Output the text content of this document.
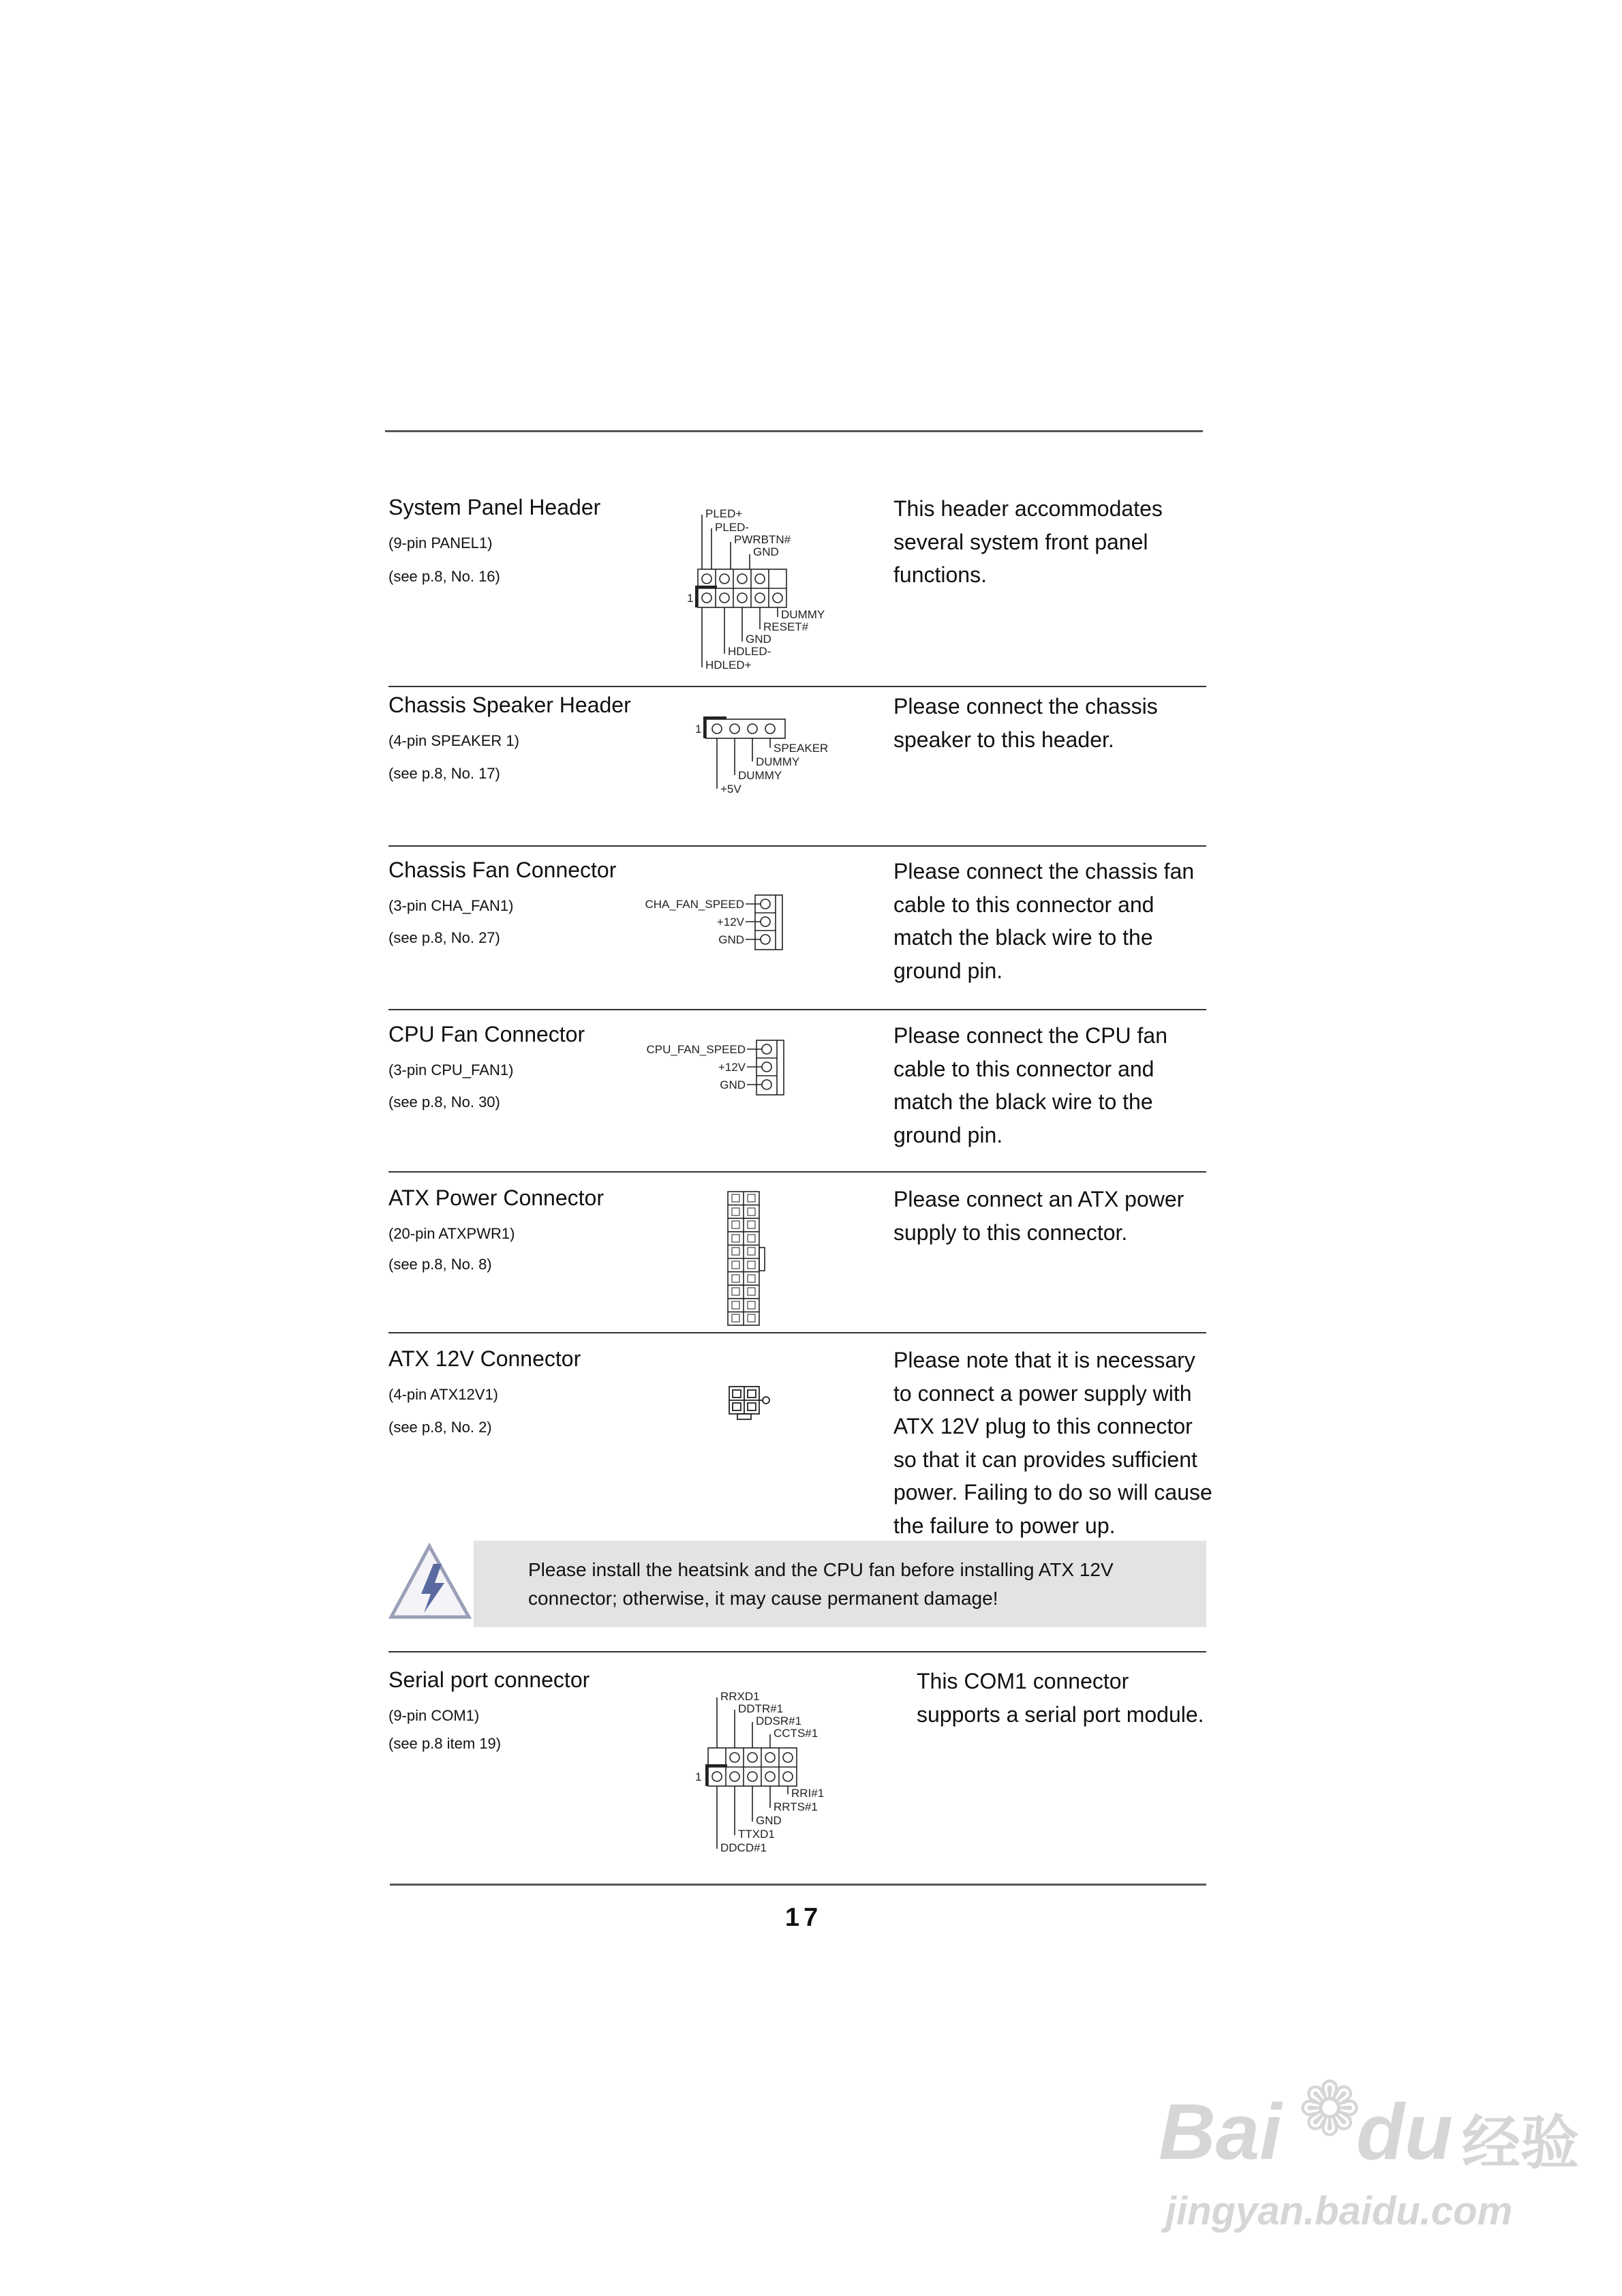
System Panel Header
(9-pin PANEL1)
(see p.8, No. 16)
PLED+
PLED-
PWRBTN#
GND
DUMMY
RESET#
GND
HDLED-
HDLED+
1
This header accommodates
several system front panel
functions.
Chassis Speaker Header
(4-pin SPEAKER 1)
(see p.8, No. 17)
1
SPEAKER
DUMMY
DUMMY
+5V
Please connect the chassis
speaker to this header.
Chassis Fan Connector
(3-pin CHA_FAN1)
(see p.8, No. 27)
CHA_FAN_SPEED
+12V
GND
Please connect the chassis fan
cable to this connector and
match the black wire to the
ground pin.
CPU Fan Connector
(3-pin CPU_FAN1)
(see p.8, No. 30)
CPU_FAN_SPEED
+12V
GND
Please connect the CPU fan
cable to this connector and
match the black wire to the
ground pin.
ATX Power Connector
(20-pin ATXPWR1)
(see p.8, No. 8)
Please connect an ATX power
supply to this connector.
ATX 12V Connector
(4-pin ATX12V1)
(see p.8, No. 2)
Please note that it is necessary
to connect a power supply with
ATX 12V plug to this connector
so that it can provides sufficient
power. Failing to do so will cause
the failure to power up.
Please install the heatsink and the CPU fan before installing ATX 12V
connector; otherwise, it may cause permanent damage!
Serial port connector
(9-pin COM1)
(see p.8 item 19)
RRXD1
DDTR#1
DDSR#1
CCTS#1
RRI#1
RRTS#1
GND
TTXD1
DDCD#1
1
This COM1 connector
supports a serial port module.
17
Bai ❁
du 经验
jingyan.baidu.com
